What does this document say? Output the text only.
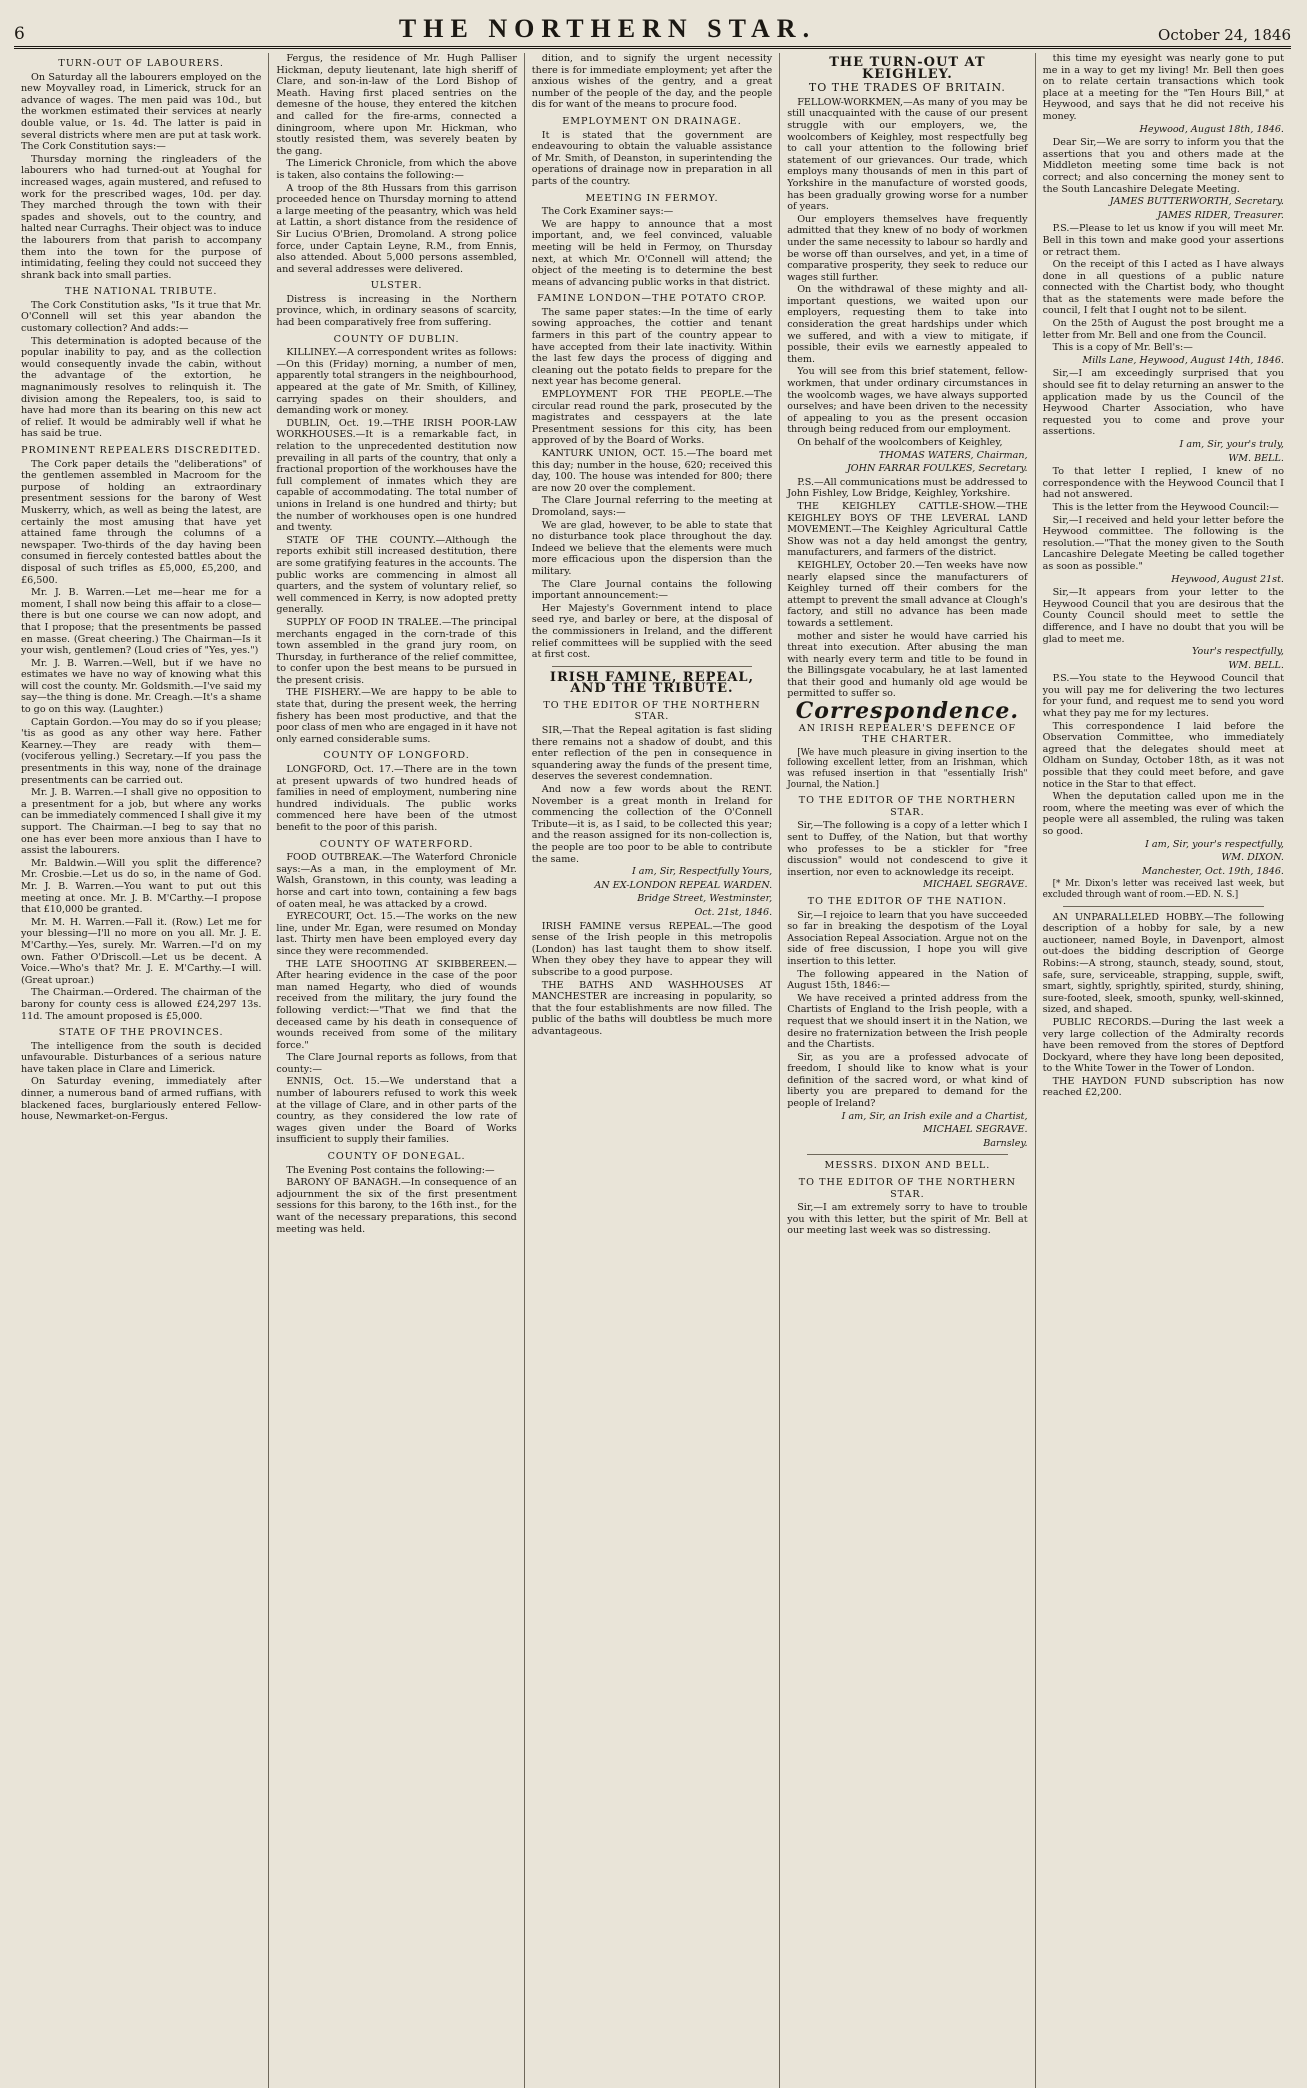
6	THE NORTHERN STAR.	October 24, 1846
TURN-OUT OF LABOURERS.

On Saturday all the labourers employed on the new Moyvalley road, in Limerick, struck for an advance of wages. The men paid was 10d., but the workmen estimated their services at nearly double value, or 1s. 4d. The latter is paid in several districts where men are put at task work. The Cork Constitution says:—

Thursday morning the ringleaders of the labourers who had turned-out at Youghal for increased wages, again mustered, and refused to work for the prescribed wages, 10d. per day. They marched through the town with their spades and shovels, out to the country, and halted near Curraghs. Their object was to induce the labourers from that parish to accompany them into the town for the purpose of intimidating, feeling they could not succeed they shrank back into small parties.

THE NATIONAL TRIBUTE.

The Cork Constitution asks, "Is it true that Mr. O'Connell will set this year abandon the customary collection? And adds:—

This determination is adopted because of the popular inability to pay, and as the collection would consequently invade the cabin, without the advantage of the extortion, he magnanimously resolves to relinquish it. The division among the Repealers, too, is said to have had more than its bearing on this new act of relief. It would be admirably well if what he has said be true.

PROMINENT REPEALERS DISCREDITED.

The Cork paper details the "deliberations" of the gentlemen assembled in Macroom for the purpose of holding an extraordinary presentment sessions for the barony of West Muskerry, which, as well as being the latest, are certainly the most amusing that have yet attained fame through the columns of a newspaper. Two-thirds of the day having been consumed in fiercely contested battles about the disposal of such trifles as £5,000, £5,200, and £6,500.

Mr. J. B. Warren.—Let me—hear me for a moment, I shall now being this affair to a close—there is but one course we can now adopt, and that I propose; that the presentments be passed en masse. (Great cheering.) The Chairman—Is it your wish, gentlemen? (Loud cries of "Yes, yes.")

Mr. J. B. Warren.—Well, but if we have no estimates we have no way of knowing what this will cost the county. Mr. Goldsmith.—I've said my say—the thing is done. Mr. Creagh.—It's a shame to go on this way. (Laughter.)

Captain Gordon.—You may do so if you please; 'tis as good as any other way here. Father Kearney.—They are ready with them—(vociferous yelling.) Secretary.—If you pass the presentments in this way, none of the drainage presentments can be carried out.

Mr. J. B. Warren.—I shall give no opposition to a presentment for a job, but where any works can be immediately commenced I shall give it my support. The Chairman.—I beg to say that no one has ever been more anxious than I have to assist the labourers.

Mr. Baldwin.—Will you split the difference? Mr. Crosbie.—Let us do so, in the name of God. Mr. J. B. Warren.—You want to put out this meeting at once. Mr. J. B. M'Carthy.—I propose that £10,000 be granted.

Mr. M. H. Warren.—Fall it. (Row.) Let me for your blessing—I'll no more on you all. Mr. J. E. M'Carthy.—Yes, surely. Mr. Warren.—I'd on my own. Father O'Driscoll.—Let us be decent. A Voice.—Who's that? Mr. J. E. M'Carthy.—I will. (Great uproar.)

The Chairman.—Ordered. The chairman of the barony for county cess is allowed £24,297 13s. 11d. The amount proposed is £5,000.

STATE OF THE PROVINCES.

The intelligence from the south is decided unfavourable. Disturbances of a serious nature have taken place in Clare and Limerick.

On Saturday evening, immediately after dinner, a numerous band of armed ruffians, with blackened faces, burglariously entered Fellow-house, Newmarket-on-Fergus.

Fergus, the residence of Mr. Hugh Palliser Hickman, deputy lieutenant, late high sheriff of Clare, and son-in-law of the Lord Bishop of Meath. Having first placed sentries on the demesne of the house, they entered the kitchen and called for the fire-arms, connected a diningroom, where upon Mr. Hickman, who stoutly resisted them, was severely beaten by the gang.

The Limerick Chronicle, from which the above is taken, also contains the following:—

A troop of the 8th Hussars from this garrison proceeded hence on Thursday morning to attend a large meeting of the peasantry, which was held at Lattin, a short distance from the residence of Sir Lucius O'Brien, Dromoland. A strong police force, under Captain Leyne, R.M., from Ennis, also attended. About 5,000 persons assembled, and several addresses were delivered.

ULSTER.

Distress is increasing in the Northern province, which, in ordinary seasons of scarcity, had been comparatively free from suffering.

COUNTY OF DUBLIN.

KILLINEY.—A correspondent writes as follows:—On this (Friday) morning, a number of men, apparently total strangers in the neighbourhood, appeared at the gate of Mr. Smith, of Killiney, carrying spades on their shoulders, and demanding work or money.

DUBLIN, Oct. 19.—THE IRISH POOR-LAW WORKHOUSES.—It is a remarkable fact, in relation to the unprecedented destitution now prevailing in all parts of the country, that only a fractional proportion of the workhouses have the full complement of inmates which they are capable of accommodating. The total number of unions in Ireland is one hundred and thirty; but the number of workhouses open is one hundred and twenty.

STATE OF THE COUNTY.—Although the reports exhibit still increased destitution, there are some gratifying features in the accounts. The public works are commencing in almost all quarters, and the system of voluntary relief, so well commenced in Kerry, is now adopted pretty generally.

SUPPLY OF FOOD IN TRALEE.—The principal merchants engaged in the corn-trade of this town assembled in the grand jury room, on Thursday, in furtherance of the relief committee, to confer upon the best means to be pursued in the present crisis.

THE FISHERY.—We are happy to be able to state that, during the present week, the herring fishery has been most productive, and that the poor class of men who are engaged in it have not only earned considerable sums.

COUNTY OF LONGFORD.

LONGFORD, Oct. 17.—There are in the town at present upwards of two hundred heads of families in need of employment, numbering nine hundred individuals. The public works commenced here have been of the utmost benefit to the poor of this parish.

COUNTY OF WATERFORD.

FOOD OUTBREAK.—The Waterford Chronicle says:—As a man, in the employment of Mr. Walsh, Granstown, in this county, was leading a horse and cart into town, containing a few bags of oaten meal, he was attacked by a crowd.

EYRECOURT, Oct. 15.—The works on the new line, under Mr. Egan, were resumed on Monday last. Thirty men have been employed every day since they were recommended.

THE LATE SHOOTING AT SKIBBEREEN.—After hearing evidence in the case of the poor man named Hegarty, who died of wounds received from the military, the jury found the following verdict:—"That we find that the deceased came by his death in consequence of wounds received from some of the military force."

The Clare Journal reports as follows, from that county:—

ENNIS, Oct. 15.—We understand that a number of labourers refused to work this week at the village of Clare, and in other parts of the country, as they considered the low rate of wages given under the Board of Works insufficient to supply their families.

COUNTY OF DONEGAL.

The Evening Post contains the following:—

BARONY OF BANAGH.—In consequence of an adjournment the six of the first presentment sessions for this barony, to the 16th inst., for the want of the necessary preparations, this second meeting was held.

dition, and to signify the urgent necessity there is for immediate employment; yet after the anxious wishes of the gentry, and a great number of the people of the day, and the people dis for want of the means to procure food.

EMPLOYMENT ON DRAINAGE.

It is stated that the government are endeavouring to obtain the valuable assistance of Mr. Smith, of Deanston, in superintending the operations of drainage now in preparation in all parts of the country.

MEETING IN FERMOY.

The Cork Examiner says:—

We are happy to announce that a most important, and, we feel convinced, valuable meeting will be held in Fermoy, on Thursday next, at which Mr. O'Connell will attend; the object of the meeting is to determine the best means of advancing public works in that district.

FAMINE LONDON—THE POTATO CROP.

The same paper states:—In the time of early sowing approaches, the cottier and tenant farmers in this part of the country appear to have accepted from their late inactivity. Within the last few days the process of digging and cleaning out the potato fields to prepare for the next year has become general.

EMPLOYMENT FOR THE PEOPLE.—The circular read round the park, prosecuted by the magistrates and cesspayers at the late Presentment sessions for this city, has been approved of by the Board of Works.

KANTURK UNION, OCT. 15.—The board met this day; number in the house, 620; received this day, 100. The house was intended for 800; there are now 20 over the complement.

The Clare Journal referring to the meeting at Dromoland, says:—

We are glad, however, to be able to state that no disturbance took place throughout the day. Indeed we believe that the elements were much more efficacious upon the dispersion than the military.

The Clare Journal contains the following important announcement:—

Her Majesty's Government intend to place seed rye, and barley or bere, at the disposal of the commissioners in Ireland, and the different relief committees will be supplied with the seed at first cost.

IRISH FAMINE, REPEAL, AND THE TRIBUTE.
TO THE EDITOR OF THE NORTHERN STAR.

SIR,—That the Repeal agitation is fast sliding there remains not a shadow of doubt, and this enter reflection of the pen in consequence in squandering away the funds of the present time, deserves the severest condemnation.

And now a few words about the RENT. November is a great month in Ireland for commencing the collection of the O'Connell Tribute—it is, as I said, to be collected this year; and the reason assigned for its non-collection is, the people are too poor to be able to contribute the same.

I am, Sir, Respectfully Yours,
AN EX-LONDON REPEAL WARDEN.
Bridge Street, Westminster,
Oct. 21st, 1846.

IRISH FAMINE versus REPEAL.—The good sense of the Irish people in this metropolis (London) has last taught them to show itself. When they obey they have to appear they will subscribe to a good purpose.

THE BATHS AND WASHHOUSES AT MANCHESTER are increasing in popularity, so that the four establishments are now filled. The public of the baths will doubtless be much more advantageous.

THE TURN-OUT AT KEIGHLEY.
TO THE TRADES OF BRITAIN.

FELLOW-WORKMEN,—As many of you may be still unacquainted with the cause of our present struggle with our employers, we, the woolcombers of Keighley, most respectfully beg to call your attention to the following brief statement of our grievances. Our trade, which employs many thousands of men in this part of Yorkshire in the manufacture of worsted goods, has been gradually growing worse for a number of years.

Our employers themselves have frequently admitted that they knew of no body of workmen under the same necessity to labour so hardly and be worse off than ourselves, and yet, in a time of comparative prosperity, they seek to reduce our wages still further.

On the withdrawal of these mighty and all-important questions, we waited upon our employers, requesting them to take into consideration the great hardships under which we suffered, and with a view to mitigate, if possible, their evils we earnestly appealed to them.

You will see from this brief statement, fellow-workmen, that under ordinary circumstances in the woolcomb wages, we have always supported ourselves; and have been driven to the necessity of appealing to you as the present occasion through being reduced from our employment.

On behalf of the woolcombers of Keighley,

THOMAS WATERS, Chairman,
JOHN FARRAR FOULKES, Secretary.

P.S.—All communications must be addressed to John Fishley, Low Bridge, Keighley, Yorkshire.

THE KEIGHLEY CATTLE-SHOW.—THE KEIGHLEY BOYS OF THE LEVERAL LAND MOVEMENT.—The Keighley Agricultural Cattle Show was not a day held amongst the gentry, manufacturers, and farmers of the district.

KEIGHLEY, October 20.—Ten weeks have now nearly elapsed since the manufacturers of Keighley turned off their combers for the attempt to prevent the small advance at Clough's factory, and still no advance has been made towards a settlement.

mother and sister he would have carried his threat into execution. After abusing the man with nearly every term and title to be found in the Billingsgate vocabulary, he at last lamented that their good and humanly old age would be permitted to suffer so.

Correspondence.
AN IRISH REPEALER'S DEFENCE OF THE CHARTER.

[We have much pleasure in giving insertion to the following excellent letter, from an Irishman, which was refused insertion in that "essentially Irish" Journal, the Nation.]

TO THE EDITOR OF THE NORTHERN STAR.

Sir,—The following is a copy of a letter which I sent to Duffey, of the Nation, but that worthy who professes to be a stickler for "free discussion" would not condescend to give it insertion, nor even to acknowledge its receipt.

MICHAEL SEGRAVE.
TO THE EDITOR OF THE NATION.

Sir,—I rejoice to learn that you have succeeded so far in breaking the despotism of the Loyal Association Repeal Association. Argue not on the side of free discussion, I hope you will give insertion to this letter.

The following appeared in the Nation of August 15th, 1846:—

We have received a printed address from the Chartists of England to the Irish people, with a request that we should insert it in the Nation, we desire no fraternization between the Irish people and the Chartists.

Sir, as you are a professed advocate of freedom, I should like to know what is your definition of the sacred word, or what kind of liberty you are prepared to demand for the people of Ireland?

I am, Sir, an Irish exile and a Chartist,
MICHAEL SEGRAVE.
Barnsley.
MESSRS. DIXON AND BELL.
TO THE EDITOR OF THE NORTHERN STAR.

Sir,—I am extremely sorry to have to trouble you with this letter, but the spirit of Mr. Bell at our meeting last week was so distressing.

this time my eyesight was nearly gone to put me in a way to get my living! Mr. Bell then goes on to relate certain transactions which took place at a meeting for the "Ten Hours Bill," at Heywood, and says that he did not receive his money.

Heywood, August 18th, 1846.

Dear Sir,—We are sorry to inform you that the assertions that you and others made at the Middleton meeting some time back is not correct; and also concerning the money sent to the South Lancashire Delegate Meeting.

JAMES BUTTERWORTH, Secretary.
JAMES RIDER, Treasurer.

P.S.—Please to let us know if you will meet Mr. Bell in this town and make good your assertions or retract them.

On the receipt of this I acted as I have always done in all questions of a public nature connected with the Chartist body, who thought that as the statements were made before the council, I felt that I ought not to be silent.

On the 25th of August the post brought me a letter from Mr. Bell and one from the Council.

This is a copy of Mr. Bell's:—

Mills Lane, Heywood, August 14th, 1846.

Sir,—I am exceedingly surprised that you should see fit to delay returning an answer to the application made by us the Council of the Heywood Charter Association, who have requested you to come and prove your assertions.

I am, Sir, your's truly,
WM. BELL.

To that letter I replied, I knew of no correspondence with the Heywood Council that I had not answered.

This is the letter from the Heywood Council:—

Sir,—I received and held your letter before the Heywood committee. The following is the resolution.—"That the money given to the South Lancashire Delegate Meeting be called together as soon as possible."

Heywood, August 21st.

Sir,—It appears from your letter to the Heywood Council that you are desirous that the County Council should meet to settle the difference, and I have no doubt that you will be glad to meet me.

Your's respectfully,
WM. BELL.

P.S.—You state to the Heywood Council that you will pay me for delivering the two lectures for your fund, and request me to send you word what they pay me for my lectures.

This correspondence I laid before the Observation Committee, who immediately agreed that the delegates should meet at Oldham on Sunday, October 18th, as it was not possible that they could meet before, and gave notice in the Star to that effect.

When the deputation called upon me in the room, where the meeting was ever of which the people were all assembled, the ruling was taken so good.

I am, Sir, your's respectfully,
WM. DIXON.
Manchester, Oct. 19th, 1846.

[* Mr. Dixon's letter was received last week, but excluded through want of room.—ED. N. S.]

AN UNPARALLELED HOBBY.—The following description of a hobby for sale, by a new auctioneer, named Boyle, in Davenport, almost out-does the bidding description of George Robins:—A strong, staunch, steady, sound, stout, safe, sure, serviceable, strapping, supple, swift, smart, sightly, sprightly, spirited, sturdy, shining, sure-footed, sleek, smooth, spunky, well-skinned, sized, and shaped.

PUBLIC RECORDS.—During the last week a very large collection of the Admiralty records have been removed from the stores of Deptford Dockyard, where they have long been deposited, to the White Tower in the Tower of London.

THE HAYDON FUND subscription has now reached £2,200.
